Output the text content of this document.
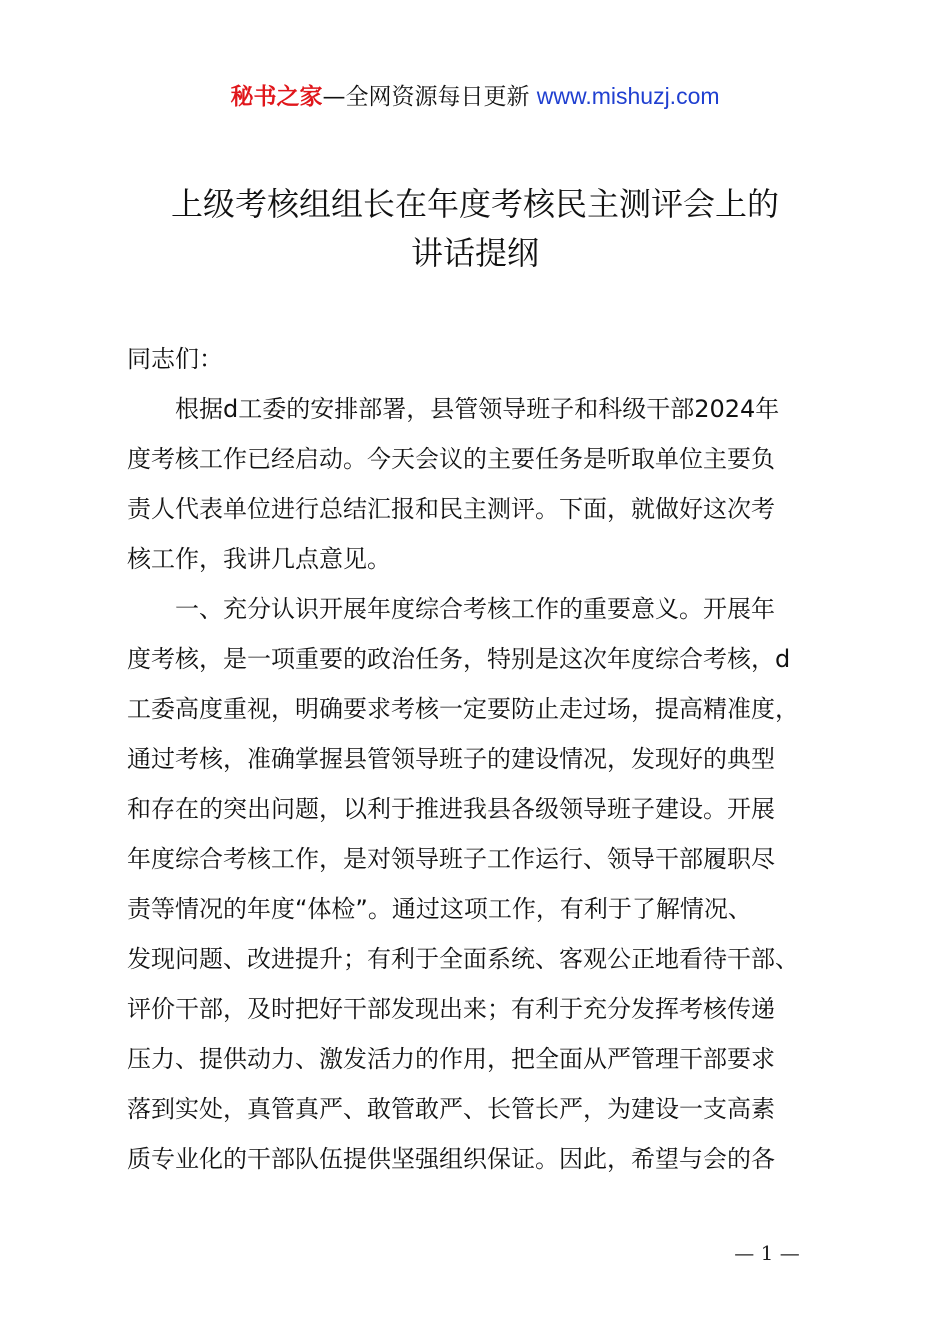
秘书之家—全网资源每日更新 www.mishuzj.com
上级考核组组长在年度考核民主测评会上的
讲话提纲
同志们：
　　根据d工委的安排部署，县管领导班子和科级干部2024年
度考核工作已经启动。今天会议的主要任务是听取单位主要负
责人代表单位进行总结汇报和民主测评。下面，就做好这次考
核工作，我讲几点意见。
　　一、充分认识开展年度综合考核工作的重要意义。开展年
度考核，是一项重要的政治任务，特别是这次年度综合考核，d
工委高度重视，明确要求考核一定要防止走过场，提高精准度，
通过考核，准确掌握县管领导班子的建设情况，发现好的典型
和存在的突出问题，以利于推进我县各级领导班子建设。开展
年度综合考核工作，是对领导班子工作运行、领导干部履职尽
责等情况的年度“体检”。通过这项工作，有利于了解情况、
发现问题、改进提升；有利于全面系统、客观公正地看待干部、
评价干部，及时把好干部发现出来；有利于充分发挥考核传递
压力、提供动力、激发活力的作用，把全面从严管理干部要求
落到实处，真管真严、敢管敢严、长管长严，为建设一支高素
质专业化的干部队伍提供坚强组织保证。因此，希望与会的各
— 1 —
